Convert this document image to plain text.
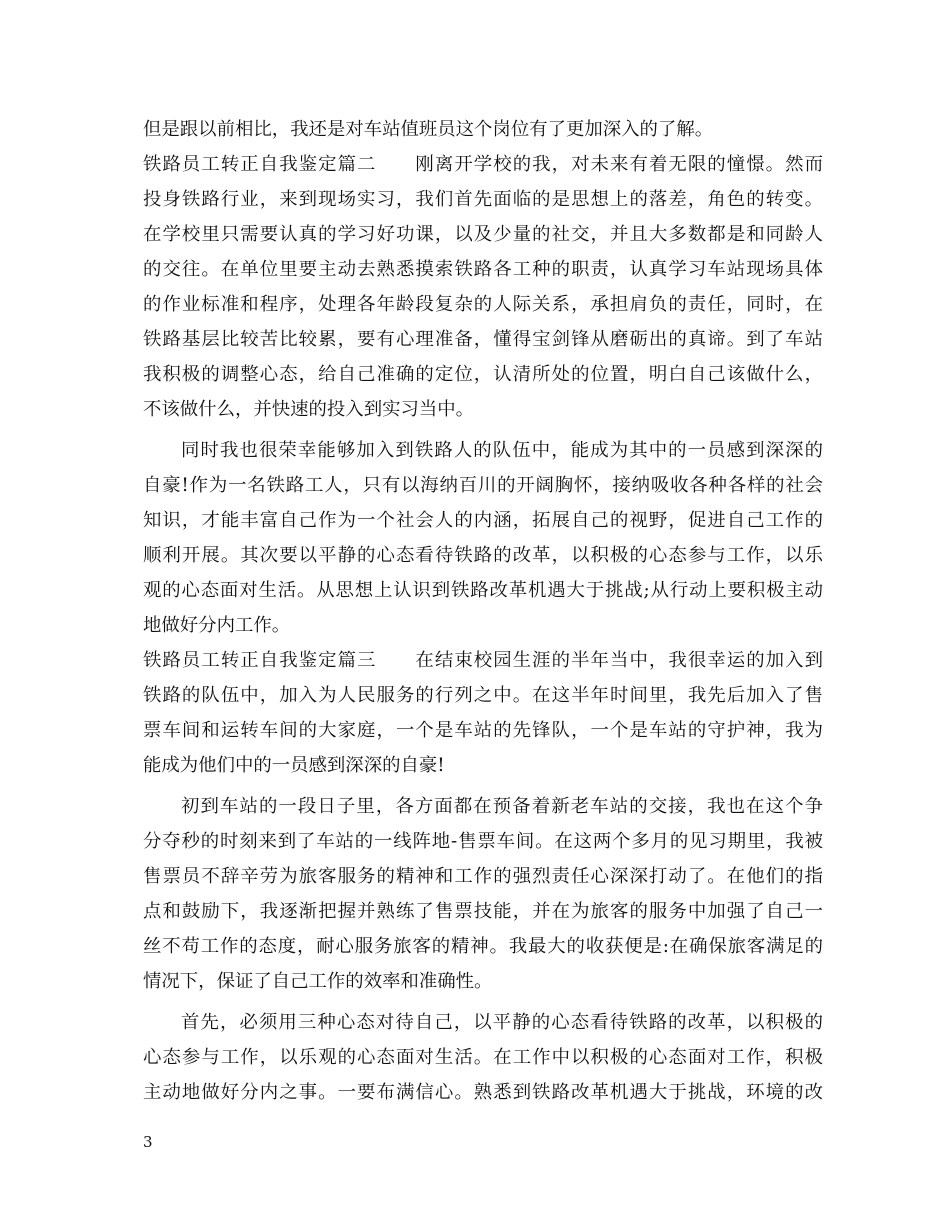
但是跟以前相比，我还是对车站值班员这个岗位有了更加深入的了解。
铁路员工转正自我鉴定篇二　　刚离开学校的我，对未来有着无限的憧憬。然而
投身铁路行业，来到现场实习，我们首先面临的是思想上的落差，角色的转变。
在学校里只需要认真的学习好功课，以及少量的社交，并且大多数都是和同龄人
的交往。在单位里要主动去熟悉摸索铁路各工种的职责，认真学习车站现场具体
的作业标准和程序，处理各年龄段复杂的人际关系，承担肩负的责任，同时，在
铁路基层比较苦比较累，要有心理准备，懂得宝剑锋从磨砺出的真谛。到了车站
我积极的调整心态，给自己准确的定位，认清所处的位置，明白自己该做什么，
不该做什么，并快速的投入到实习当中。
同时我也很荣幸能够加入到铁路人的队伍中，能成为其中的一员感到深深的
自豪!作为一名铁路工人，只有以海纳百川的开阔胸怀，接纳吸收各种各样的社会
知识，才能丰富自己作为一个社会人的内涵，拓展自己的视野，促进自己工作的
顺利开展。其次要以平静的心态看待铁路的改革，以积极的心态参与工作，以乐
观的心态面对生活。从思想上认识到铁路改革机遇大于挑战;从行动上要积极主动
地做好分内工作。
铁路员工转正自我鉴定篇三　　在结束校园生涯的半年当中，我很幸运的加入到
铁路的队伍中，加入为人民服务的行列之中。在这半年时间里，我先后加入了售
票车间和运转车间的大家庭，一个是车站的先锋队，一个是车站的守护神，我为
能成为他们中的一员感到深深的自豪!
初到车站的一段日子里，各方面都在预备着新老车站的交接，我也在这个争
分夺秒的时刻来到了车站的一线阵地-售票车间。在这两个多月的见习期里，我被
售票员不辞辛劳为旅客服务的精神和工作的强烈责任心深深打动了。在他们的指
点和鼓励下，我逐渐把握并熟练了售票技能，并在为旅客的服务中加强了自己一
丝不苟工作的态度，耐心服务旅客的精神。我最大的收获便是:在确保旅客满足的
情况下，保证了自己工作的效率和准确性。
首先，必须用三种心态对待自己，以平静的心态看待铁路的改革，以积极的
心态参与工作，以乐观的心态面对生活。在工作中以积极的心态面对工作，积极
主动地做好分内之事。一要布满信心。熟悉到铁路改革机遇大于挑战，环境的改
3
